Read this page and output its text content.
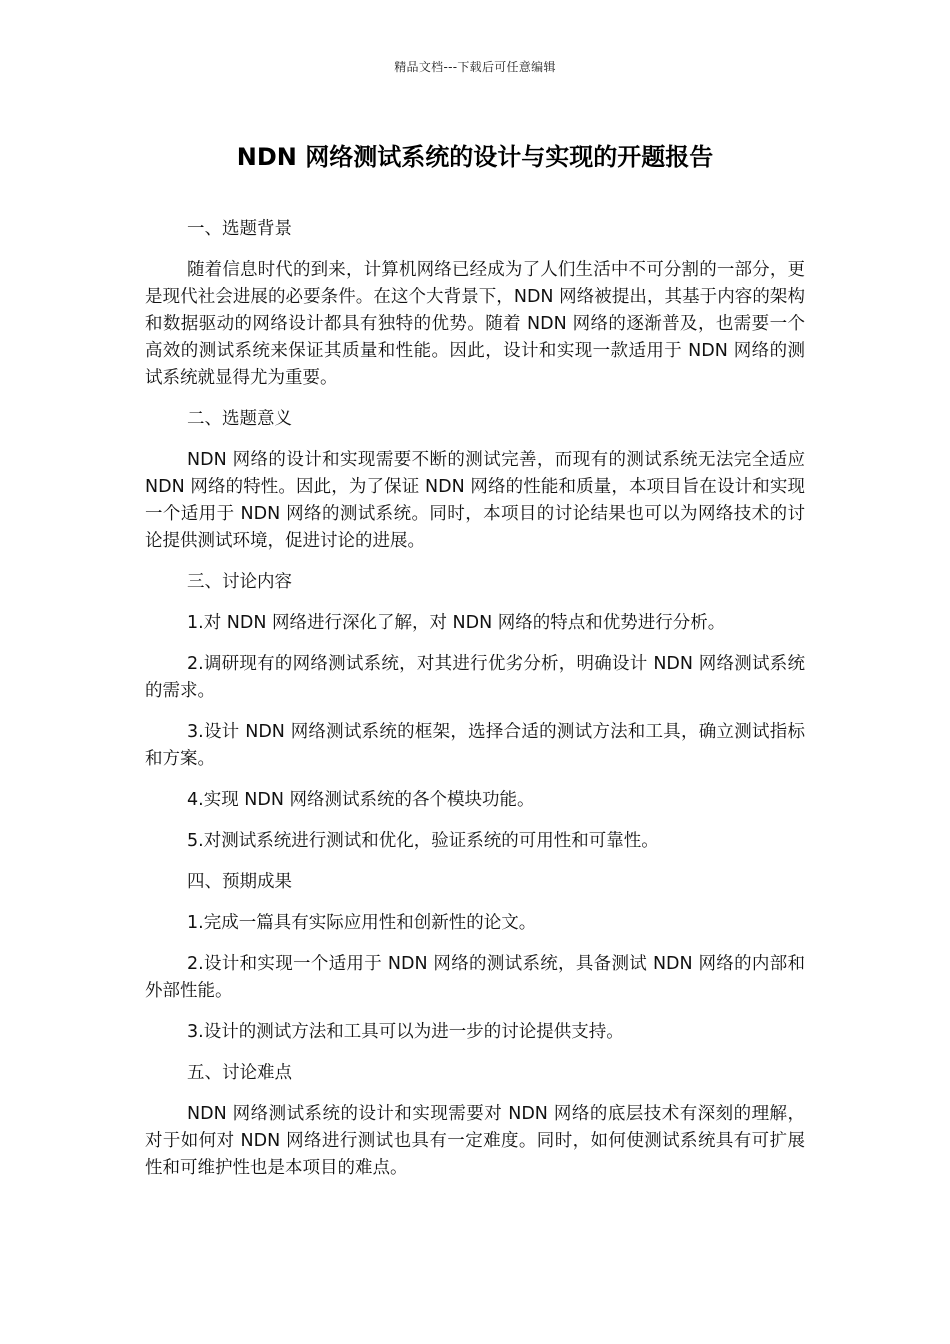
精品文档---下载后可任意编辑
NDN 网络测试系统的设计与实现的开题报告

一、选题背景

随着信息时代的到来，计算机网络已经成为了人们生活中不可分割的一部分，更是现代社会进展的必要条件。在这个大背景下，NDN 网络被提出，其基于内容的架构和数据驱动的网络设计都具有独特的优势。随着 NDN 网络的逐渐普及，也需要一个高效的测试系统来保证其质量和性能。因此，设计和实现一款适用于 NDN 网络的测试系统就显得尤为重要。

二、选题意义

NDN 网络的设计和实现需要不断的测试完善，而现有的测试系统无法完全适应 NDN 网络的特性。因此，为了保证 NDN 网络的性能和质量，本项目旨在设计和实现一个适用于 NDN 网络的测试系统。同时，本项目的讨论结果也可以为网络技术的讨论提供测试环境，促进讨论的进展。

三、讨论内容

1.对 NDN 网络进行深化了解，对 NDN 网络的特点和优势进行分析。

2.调研现有的网络测试系统，对其进行优劣分析，明确设计 NDN 网络测试系统的需求。

3.设计 NDN 网络测试系统的框架，选择合适的测试方法和工具，确立测试指标和方案。

4.实现 NDN 网络测试系统的各个模块功能。

5.对测试系统进行测试和优化，验证系统的可用性和可靠性。

四、预期成果

1.完成一篇具有实际应用性和创新性的论文。

2.设计和实现一个适用于 NDN 网络的测试系统，具备测试 NDN 网络的内部和外部性能。

3.设计的测试方法和工具可以为进一步的讨论提供支持。

五、讨论难点

NDN 网络测试系统的设计和实现需要对 NDN 网络的底层技术有深刻的理解，对于如何对 NDN 网络进行测试也具有一定难度。同时，如何使测试系统具有可扩展性和可维护性也是本项目的难点。
